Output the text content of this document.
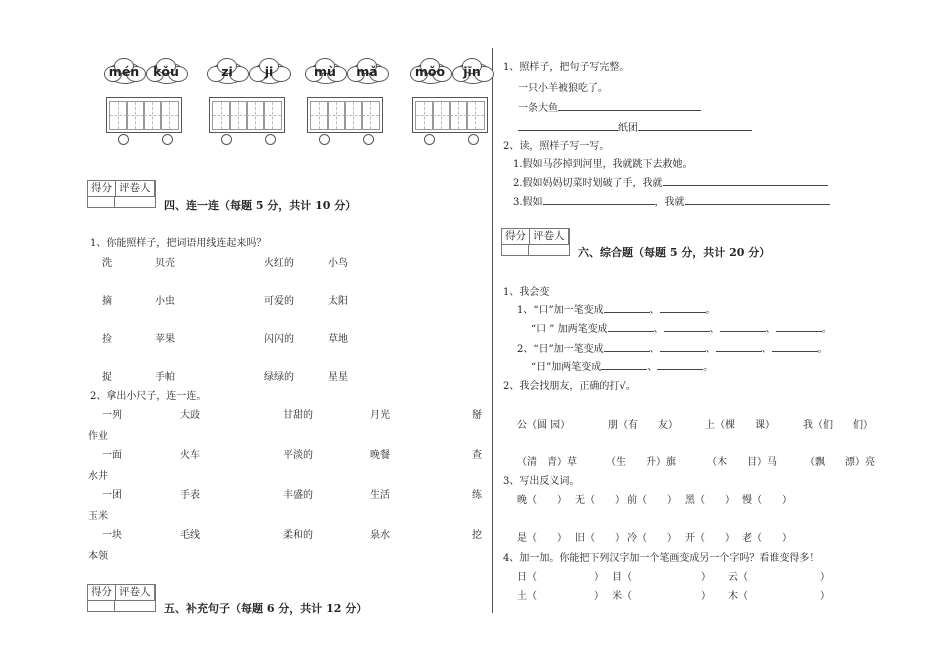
mén	kǒu	zi	ji	mù	mǎ	mǒo	jīn
得分 评卷人
四、连一连（每题 5 分，共计 10 分）
1、你能照样子，把词语用线连起来吗？
洗	贝壳	火红的	小鸟
摘	小虫	可爱的	太阳
捡	苹果	闪闪的	草地
捉	手帕	绿绿的	星星
2、拿出小尺子，连一连。
一列	大豉	甘甜的	月光	掰
作业
一面	火车	平淡的	晚餐	查
水井
一团	手表	丰盛的	生活	练
玉米
一块	毛线	柔和的	泉水	挖
本领
得分 评卷人
五、补充句子（每题 6 分，共计 12 分）
1、照样子，把句子写完整。
一只小羊被狼吃了。
一条大鱼
纸团
2、读，照样子写一写。
1.假如马莎掉到河里，我就跳下去救她。
2.假如妈妈切菜时划破了手，我就
3.假如	，我就
得分 评卷人
六、综合题（每题 5 分，共计 20 分）
1、我会变
1、“口”加一笔变成	、	。
“口 ” 加两笔变成	、	、	、	。
2、“日”加一笔变成	、	、	、	。
“日”加两笔变成	、	。
2、我会找朋友，正确的打√。
公（圆 园）	朋（有　　友）	上（棵　　课）	我（们　　们）
（清　青）草	（生　　升）旗	（木　　目）马	（飘　　漂）亮
3、写出反义词。
晚（　　） 无（　　） 前（　　） 黑（　　） 慢（　　）
是（　　） 旧（　　） 冷（　　） 开（　　） 老（　　）
4、加一加。你能把下列汉字加一个笔画变成另一个字吗？看谁变得多！
日（	） 目（	） 云（	）
土（	） 米（	） 木（	）
